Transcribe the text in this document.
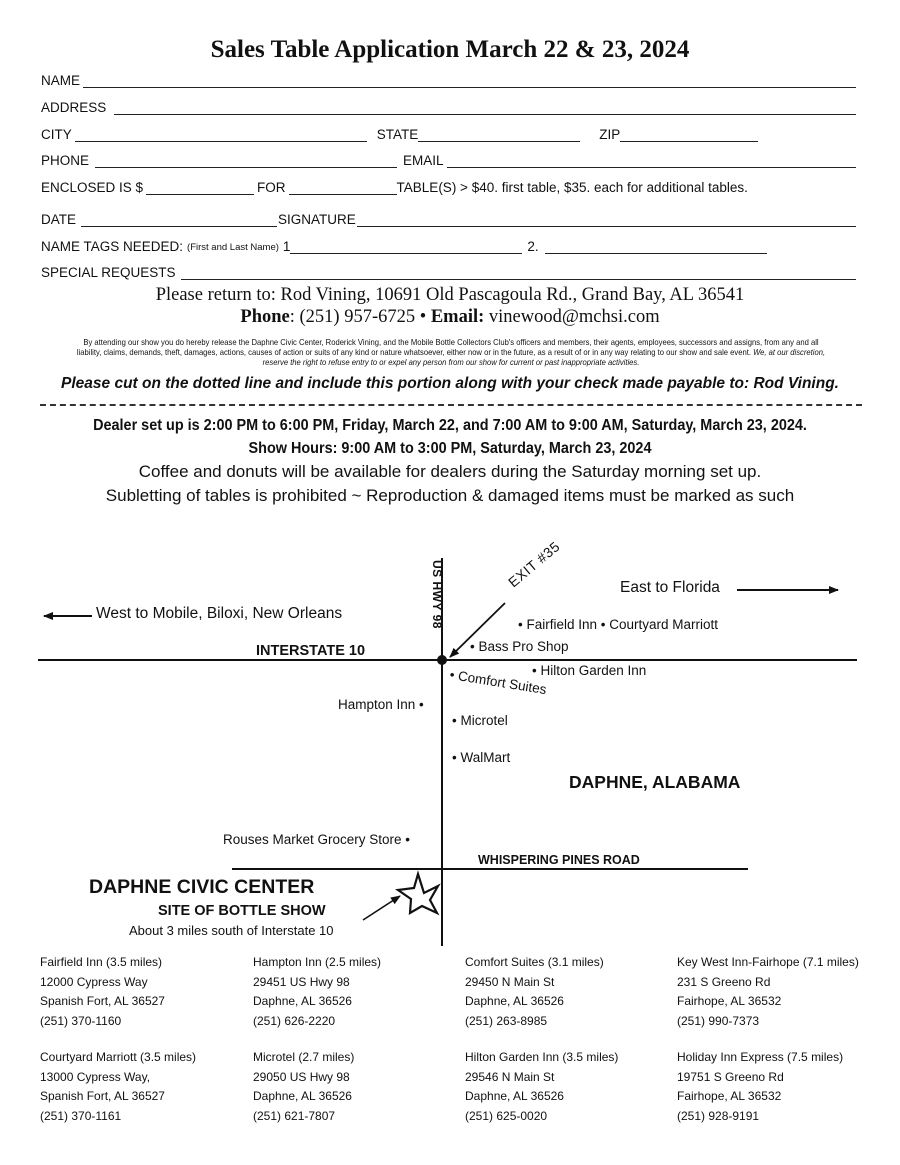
Sales Table Application March 22 & 23, 2024
NAME
ADDRESS
CITY	STATE	ZIP
PHONE	EMAIL
ENCLOSED IS $	FOR	TABLE(S) > $40. first table, $35. each for additional tables.
DATE	SIGNATURE
NAME TAGS NEEDED: (First and Last Name) 1	2.
SPECIAL REQUESTS
Please return to: Rod Vining, 10691 Old Pascagoula Rd., Grand Bay, AL 36541
Phone: (251) 957-6725 • Email: vinewood@mchsi.com
By attending our show you do hereby release the Daphne Civic Center, Roderick Vining, and the Mobile Bottle Collectors Club's officers and members, their agents, employees, successors and assigns, from any and all liability, claims, demands, theft, damages, actions, causes of action or suits of any kind or nature whatsoever, either now or in the future, as a result of or in any way relating to our show and sale event. We, at our discretion, reserve the right to refuse entry to or expel any person from our show for current or past inappropriate activities.
Please cut on the dotted line and include this portion along with your check made payable to: Rod Vining.
Dealer set up is 2:00 PM to 6:00 PM, Friday, March 22, and 7:00 AM to 9:00 AM, Saturday, March 23, 2024.
Show Hours: 9:00 AM to 3:00 PM, Saturday, March 23, 2024
Coffee and donuts will be available for dealers during the Saturday morning set up.
Subletting of tables is prohibited ~ Reproduction & damaged items must be marked as such
West to Mobile, Biloxi, New Orleans
East to Florida
US HWY 98	EXIT #35
INTERSTATE 10
• Fairfield Inn • Courtyard Marriott
• Bass Pro Shop
• Hilton Garden Inn
• Comfort Suites
Hampton Inn •
• Microtel
• WalMart
DAPHNE, ALABAMA
Rouses Market Grocery Store •
WHISPERING PINES ROAD
DAPHNE CIVIC CENTER
SITE OF BOTTLE SHOW
About 3 miles south of Interstate 10
Fairfield Inn (3.5 miles)
12000 Cypress Way
Spanish Fort, AL 36527
(251) 370-1160
Hampton Inn (2.5 miles)
29451 US Hwy 98
Daphne, AL 36526
(251) 626-2220
Comfort Suites (3.1 miles)
29450 N Main St
Daphne, AL 36526
(251) 263-8985
Key West Inn-Fairhope (7.1 miles)
231 S Greeno Rd
Fairhope, AL 36532
(251) 990-7373
Courtyard Marriott (3.5 miles)
13000 Cypress Way,
Spanish Fort, AL 36527
(251) 370-1161
Microtel (2.7 miles)
29050 US Hwy 98
Daphne, AL 36526
(251) 621-7807
Hilton Garden Inn (3.5 miles)
29546 N Main St
Daphne, AL 36526
(251) 625-0020
Holiday Inn Express (7.5 miles)
19751 S Greeno Rd
Fairhope, AL 36532
(251) 928-9191
